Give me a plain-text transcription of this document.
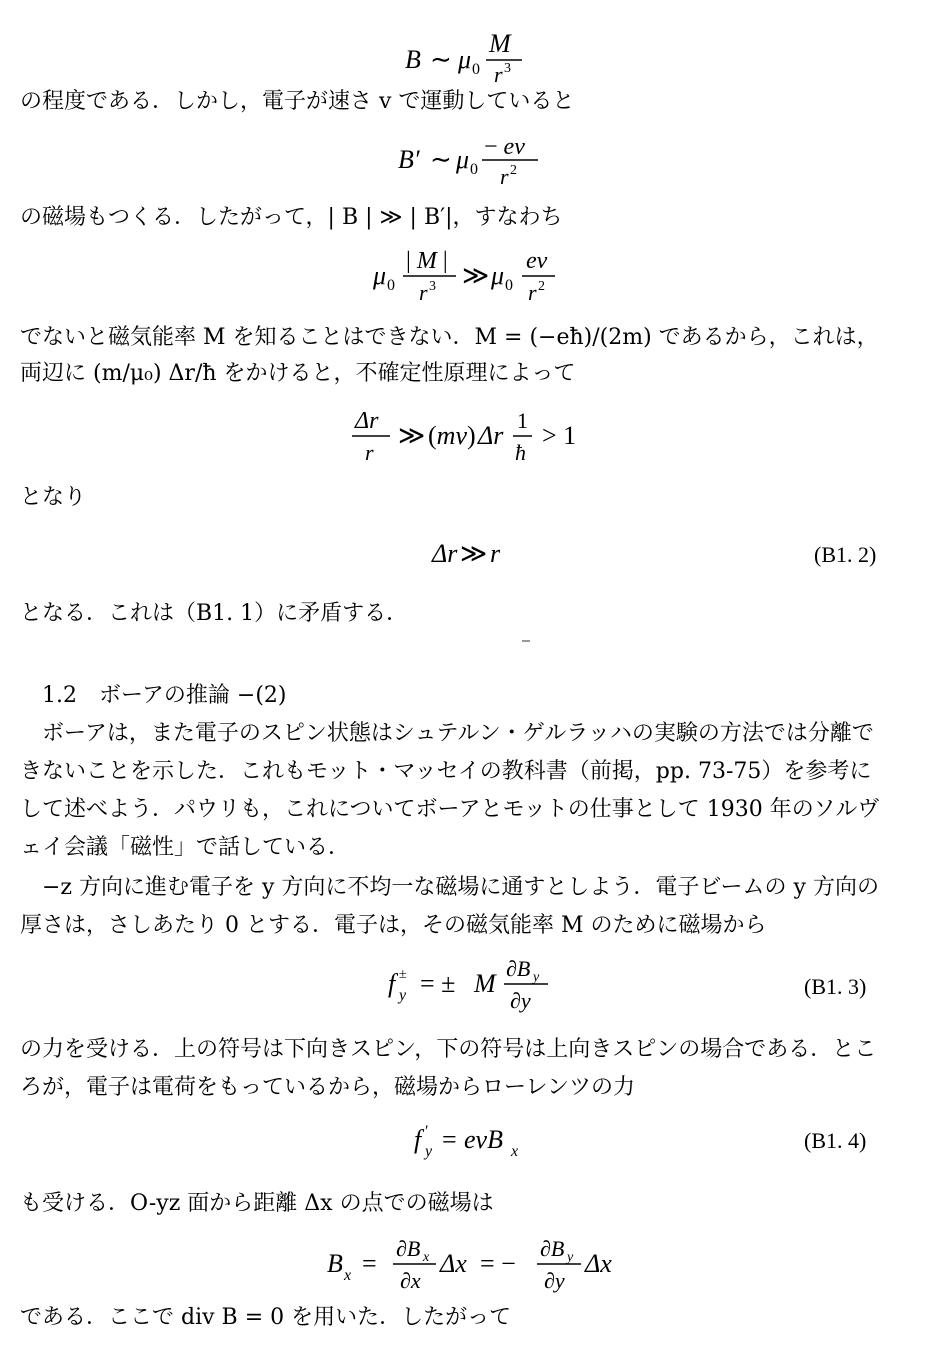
B ∼ μ 0
M
r 3
の程度である．しかし，電子が速さ v で運動していると
B′ ∼ μ 0
− ev
r 2
の磁場もつくる．したがって，| B | ≫ | B′|，すなわち
μ 0
| M |
r 3 ≫ μ 0
ev
r 2
でないと磁気能率 M を知ることはできない．M = (−eħ)/(2m) であるから，これは，
両辺に (m/μ₀) Δr/ħ をかけると，不確定性原理によって
Δr
r
≫ (mv) Δr
1
ħ
> 1
となり
Δr ≫ r	(B1. 2)
となる．これは（B1. 1）に矛盾する．
1.2　ボーアの推論 −(2)
ボーアは，また電子のスピン状態はシュテルン・ゲルラッハの実験の方法では分離で
きないことを示した．これもモット・マッセイの教科書（前掲，pp. 73-75）を参考に
して述べよう．パウリも，これについてボーアとモットの仕事として 1930 年のソルヴ
ェイ会議「磁性」で話している．
−z 方向に進む電子を y 方向に不均一な磁場に通すとしよう．電子ビームの y 方向の
厚さは，さしあたり 0 とする．電子は，その磁気能率 M のために磁場から
f ±
y = ± M
∂B y
∂y
(B1. 3)
の力を受ける．上の符号は下向きスピン，下の符号は上向きスピンの場合である．とこ
ろが，電子は電荷をもっているから，磁場からローレンツの力
f ′
y = evB x	(B1. 4)
も受ける．O-yz 面から距離 Δx の点での磁場は
B x =
∂B x
∂x
Δx = −
∂B y
∂y
Δx
である．ここで div B = 0 を用いた．したがって
